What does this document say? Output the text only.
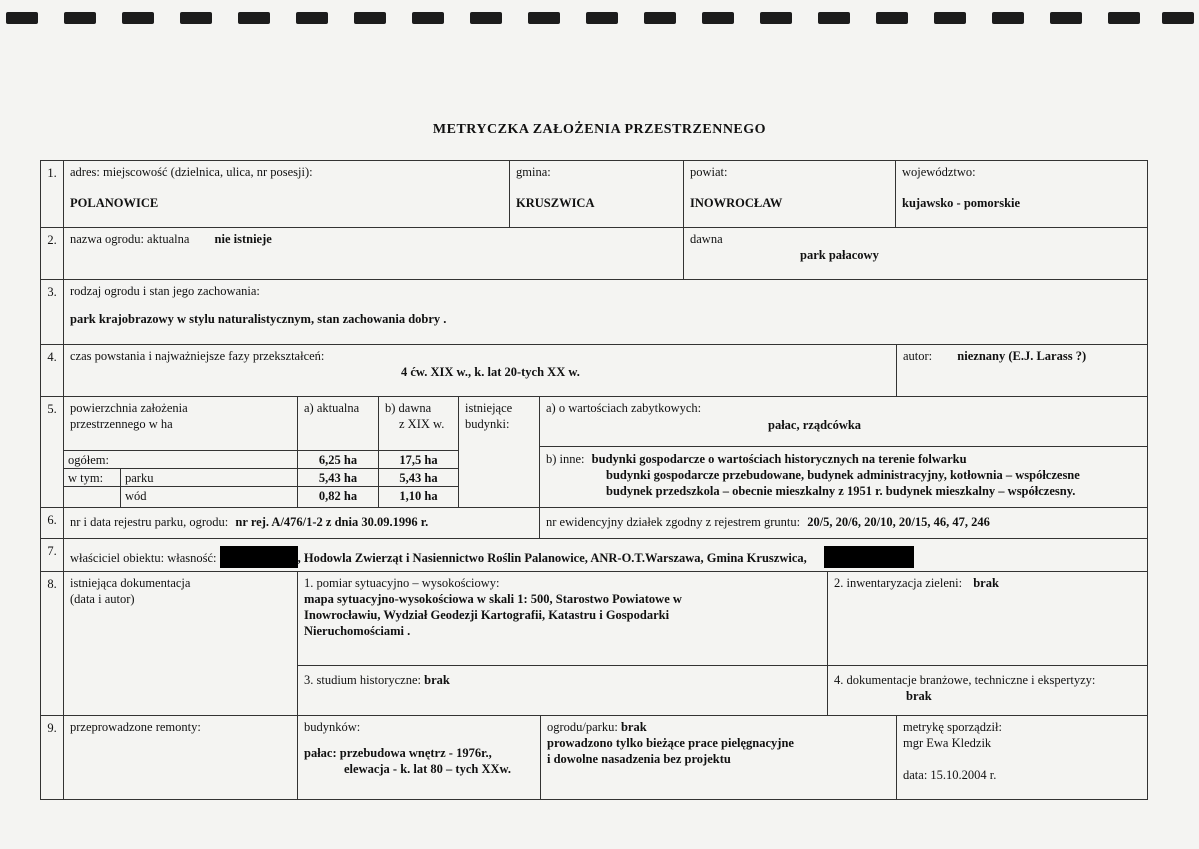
METRYCZKA ZAŁOŻENIA PRZESTRZENNEGO
1.	adres: miejscowość (dzielnica, ulica, nr posesji):
POLANOWICE
gmina:
KRUSZWICA
powiat:
INOWROCŁAW
województwo:
kujawsko - pomorskie
2.	nazwa ogrodu: aktualna nie istnieje	dawna
park pałacowy
3.	rodzaj ogrodu i stan jego zachowania:
park krajobrazowy w stylu naturalistycznym, stan zachowania dobry .
4.	czas powstania i najważniejsze fazy przekształceń:
4 ćw. XIX w., k. lat 20-tych XX w.
autor: nieznany (E.J. Larass ?)
5.	powierzchnia założenia przestrzennego w ha
a) aktualna	b) dawna
z XIX w.
istniejące budynki:
ogółem:	6,25 ha	17,5 ha
w tym:	parku	5,43 ha	5,43 ha
wód	0,82 ha	1,10 ha
a) o wartościach zabytkowych:
pałac, rządcówka
b) inne: budynki gospodarcze o wartościach historycznych na terenie folwarku
budynki gospodarcze przebudowane, budynek administracyjny, kotłownia – współczesne
budynek przedszkola – obecnie mieszkalny z 1951 r. budynek mieszkalny – współczesny.
6.	nr i data rejestru parku, ogrodu: nr rej. A/476/1-2 z dnia 30.09.1996 r.	nr ewidencyjny działek zgodny z rejestrem gruntu: 20/5, 20/6, 20/10, 20/15, 46, 47, 246
7.	właściciel obiektu: własność:	, Hodowla Zwierząt i Nasiennictwo Roślin Palanowice, ANR-O.T.Warszawa, Gmina Kruszwica,
8.	istniejąca dokumentacja
(data i autor)
1. pomiar sytuacyjno – wysokościowy:
mapa sytuacyjno-wysokościowa w skali 1: 500, Starostwo Powiatowe w Inowrocławiu, Wydział Geodezji Kartografii, Katastru i Gospodarki Nieruchomościami .
2. inwentaryzacja zieleni: brak
3. studium historyczne: brak	4. dokumentacje branżowe, techniczne i ekspertyzy:
brak
9.	przeprowadzone remonty:	budynków:
pałac: przebudowa wnętrz - 1976r.,
elewacja - k. lat 80 – tych XXw.
ogrodu/parku: brak
prowadzono tylko bieżące prace pielęgnacyjne
i dowolne nasadzenia bez projektu
metrykę sporządził:
mgr Ewa Kledzik
data: 15.10.2004 r.
